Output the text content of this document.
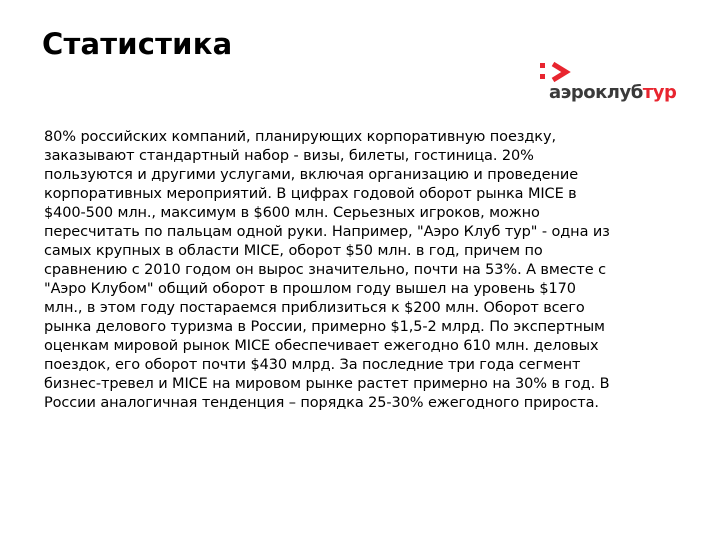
Статистика
аэроклубтур

80% российских компаний, планирующих корпоративную поездку,
заказывают стандартный набор - визы, билеты, гостиница. 20%
пользуются и другими услугами, включая организацию и проведение
корпоративных мероприятий. В цифрах годовой оборот рынка MICE в
$400-500 млн., максимум в $600 млн. Серьезных игроков, можно
пересчитать по пальцам одной руки. Например, "Аэро Клуб тур" - одна из
самых крупных в области MICE, оборот $50 млн. в год, причем по
сравнению с 2010 годом он вырос значительно, почти на 53%. А вместе с
"Аэро Клубом" общий оборот в прошлом году вышел на уровень $170
млн., в этом году постараемся приблизиться к $200 млн. Оборот всего
рынка делового туризма в России, примерно $1,5-2 млрд. По экспертным
оценкам мировой рынок MICE обеспечивает ежегодно 610 млн. деловых
поездок, его оборот почти $430 млрд. За последние три года сегмент
бизнес-тревел и MICE на мировом рынке растет примерно на 30% в год. В
России аналогичная тенденция – порядка 25-30% ежегодного прироста.
